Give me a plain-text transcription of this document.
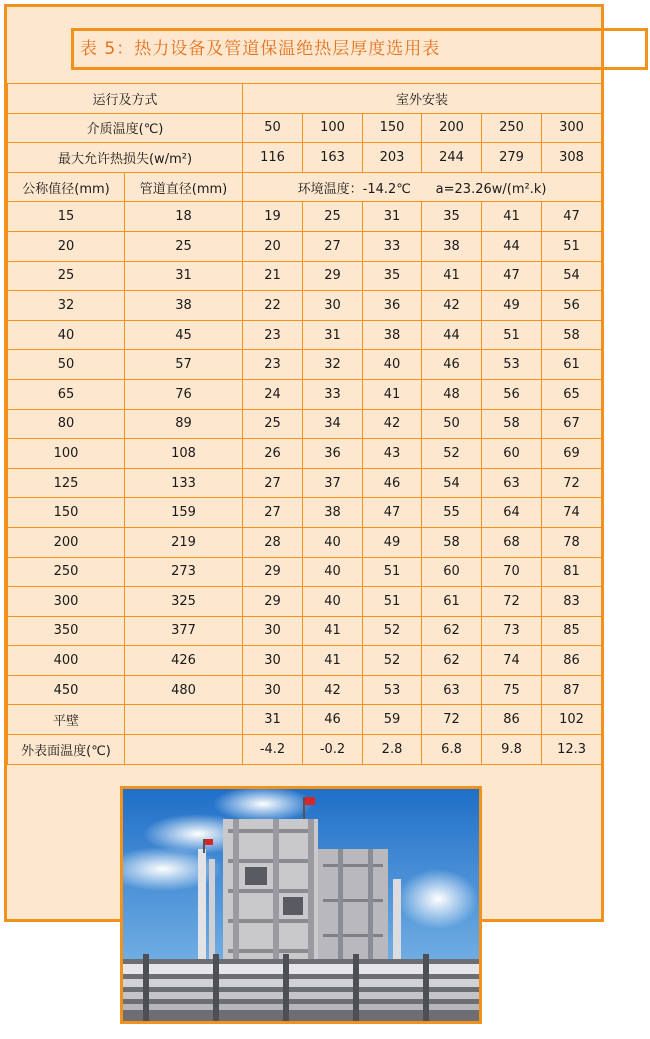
表 5：热力设备及管道保温绝热层厚度选用表
运行及方式		室外安装					
介质温度(℃)		50	100	150	200	250	300
最大允许热损失(w/m²)		116	163	203	244	279	308
公称值径(mm)	管道直径(mm)	环境温度：-14.2℃      a=23.26w/(m².k)					
15	18	19	25	31	35	41	47
20	25	20	27	33	38	44	51
25	31	21	29	35	41	47	54
32	38	22	30	36	42	49	56
40	45	23	31	38	44	51	58
50	57	23	32	40	46	53	61
65	76	24	33	41	48	56	65
80	89	25	34	42	50	58	67
100	108	26	36	43	52	60	69
125	133	27	37	46	54	63	72
150	159	27	38	47	55	64	74
200	219	28	40	49	58	68	78
250	273	29	40	51	60	70	81
300	325	29	40	51	61	72	83
350	377	30	41	52	62	73	85
400	426	30	41	52	62	74	86
450	480	30	42	53	63	75	87
平壁		31	46	59	72	86	102
外表面温度(℃)		-4.2	-0.2	2.8	6.8	9.8	12.3
